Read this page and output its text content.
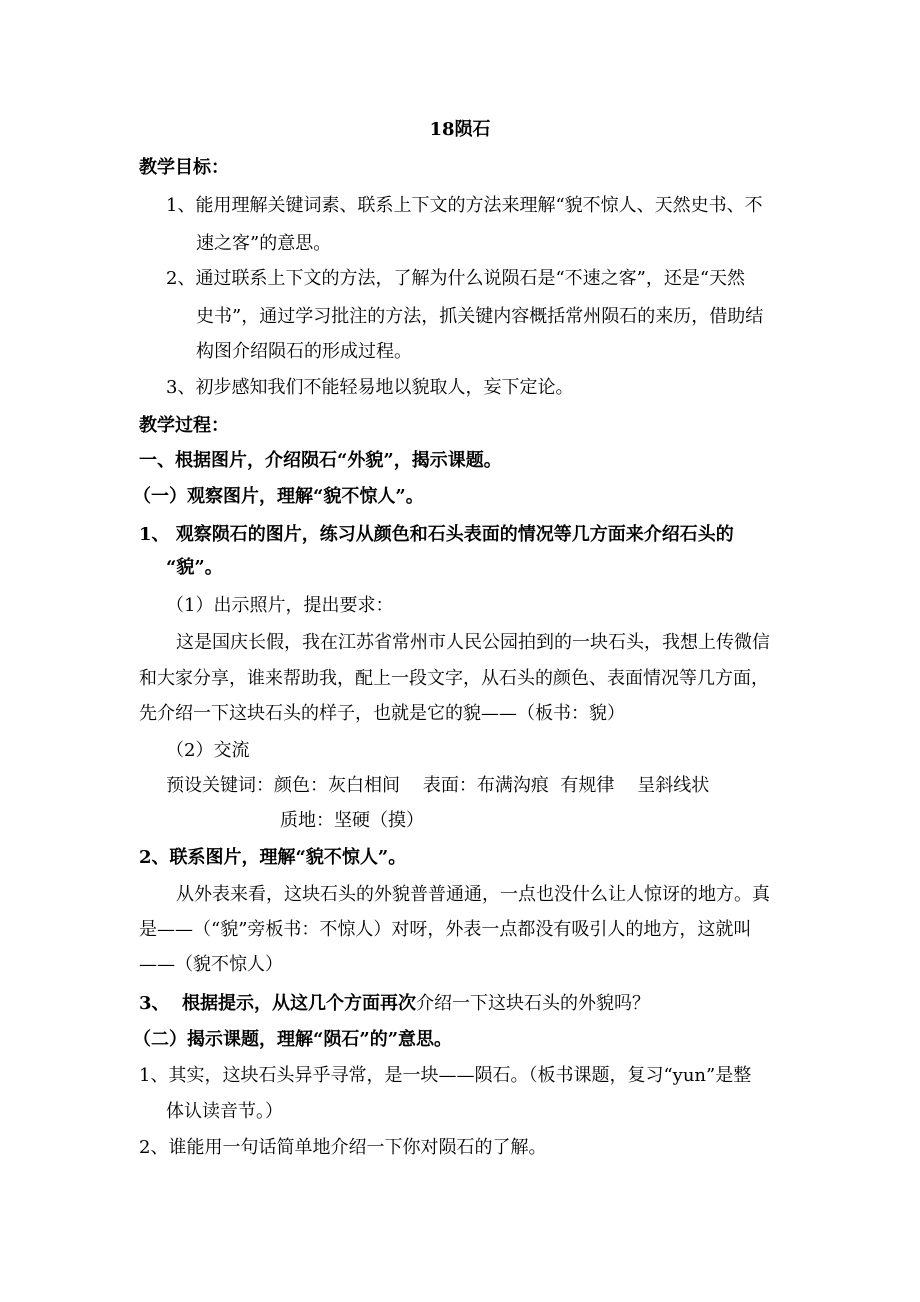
18陨石
教学目标：
1、能用理解关键词素、联系上下文的方法来理解“貌不惊人、天然史书、不
速之客”的意思。
2、通过联系上下文的方法，了解为什么说陨石是“不速之客”，还是“天然
史书”，通过学习批注的方法，抓关键内容概括常州陨石的来历，借助结
构图介绍陨石的形成过程。
3、初步感知我们不能轻易地以貌取人，妄下定论。
教学过程：
一、根据图片，介绍陨石“外貌”，揭示课题。
（一）观察图片，理解“貌不惊人”。
1、 观察陨石的图片，练习从颜色和石头表面的情况等几方面来介绍石头的
“貌”。
（1）出示照片，提出要求：
这是国庆长假，我在江苏省常州市人民公园拍到的一块石头，我想上传微信
和大家分享，谁来帮助我，配上一段文字，从石头的颜色、表面情况等几方面，
先介绍一下这块石头的样子，也就是它的貌——（板书：貌）
（2）交流
预设关键词：颜色：灰白相间    表面：布满沟痕  有规律    呈斜线状
质地：坚硬（摸）
2、联系图片，理解“貌不惊人”。
从外表来看，这块石头的外貌普普通通，一点也没什么让人惊讶的地方。真
是——（“貌”旁板书：不惊人）对呀，外表一点都没有吸引人的地方，这就叫
——（貌不惊人）
3、  根据提示，从这几个方面再次介绍一下这块石头的外貌吗？
（二）揭示课题，理解“陨石”的”意思。
1、其实，这块石头异乎寻常，是一块——陨石。（板书课题，复习“yun”是整
体认读音节。）
2、谁能用一句话简单地介绍一下你对陨石的了解。
